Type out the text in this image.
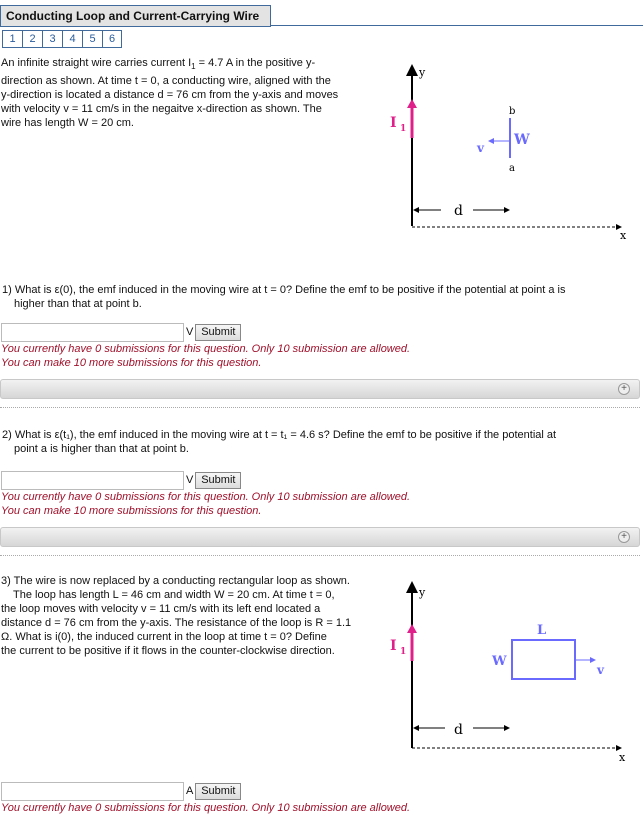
Conducting Loop and Current-Carrying Wire
1	2	3	4	5	6
An infinite straight wire carries current $I_1 = 4.7$ A in the positive y-
direction as shown. At time t = 0, a conducting wire, aligned with the
y-direction is located a distance d = 76 cm from the y-axis and moves
with velocity v = 11 cm/s in the negaitve x-direction as shown. The
wire has length W = 20 cm.
y
x
I 1
b
a
v W
d
1) What is ε(0), the emf induced in the moving wire at t = 0? Define the emf to be positive if the potential at point a is
higher than that at point b.
V Submit
You currently have 0 submissions for this question. Only 10 submission are allowed.
You can make 10 more submissions for this question.
+
2) What is ε(t₁), the emf induced in the moving wire at t = t₁ = 4.6 s? Define the emf to be positive if the potential at
point a is higher than that at point b.
V Submit
You currently have 0 submissions for this question. Only 10 submission are allowed.
You can make 10 more submissions for this question.
+
3) The wire is now replaced by a conducting rectangular loop as shown.
The loop has length L = 46 cm and width W = 20 cm. At time t = 0,
the loop moves with velocity v = 11 cm/s with its left end located a
distance d = 76 cm from the y-axis. The resistance of the loop is R = 1.1
Ω. What is i(0), the induced current in the loop at time t = 0? Define
the current to be positive if it flows in the counter-clockwise direction.
y
x
I 1
L
W
v
d
A Submit
You currently have 0 submissions for this question. Only 10 submission are allowed.
